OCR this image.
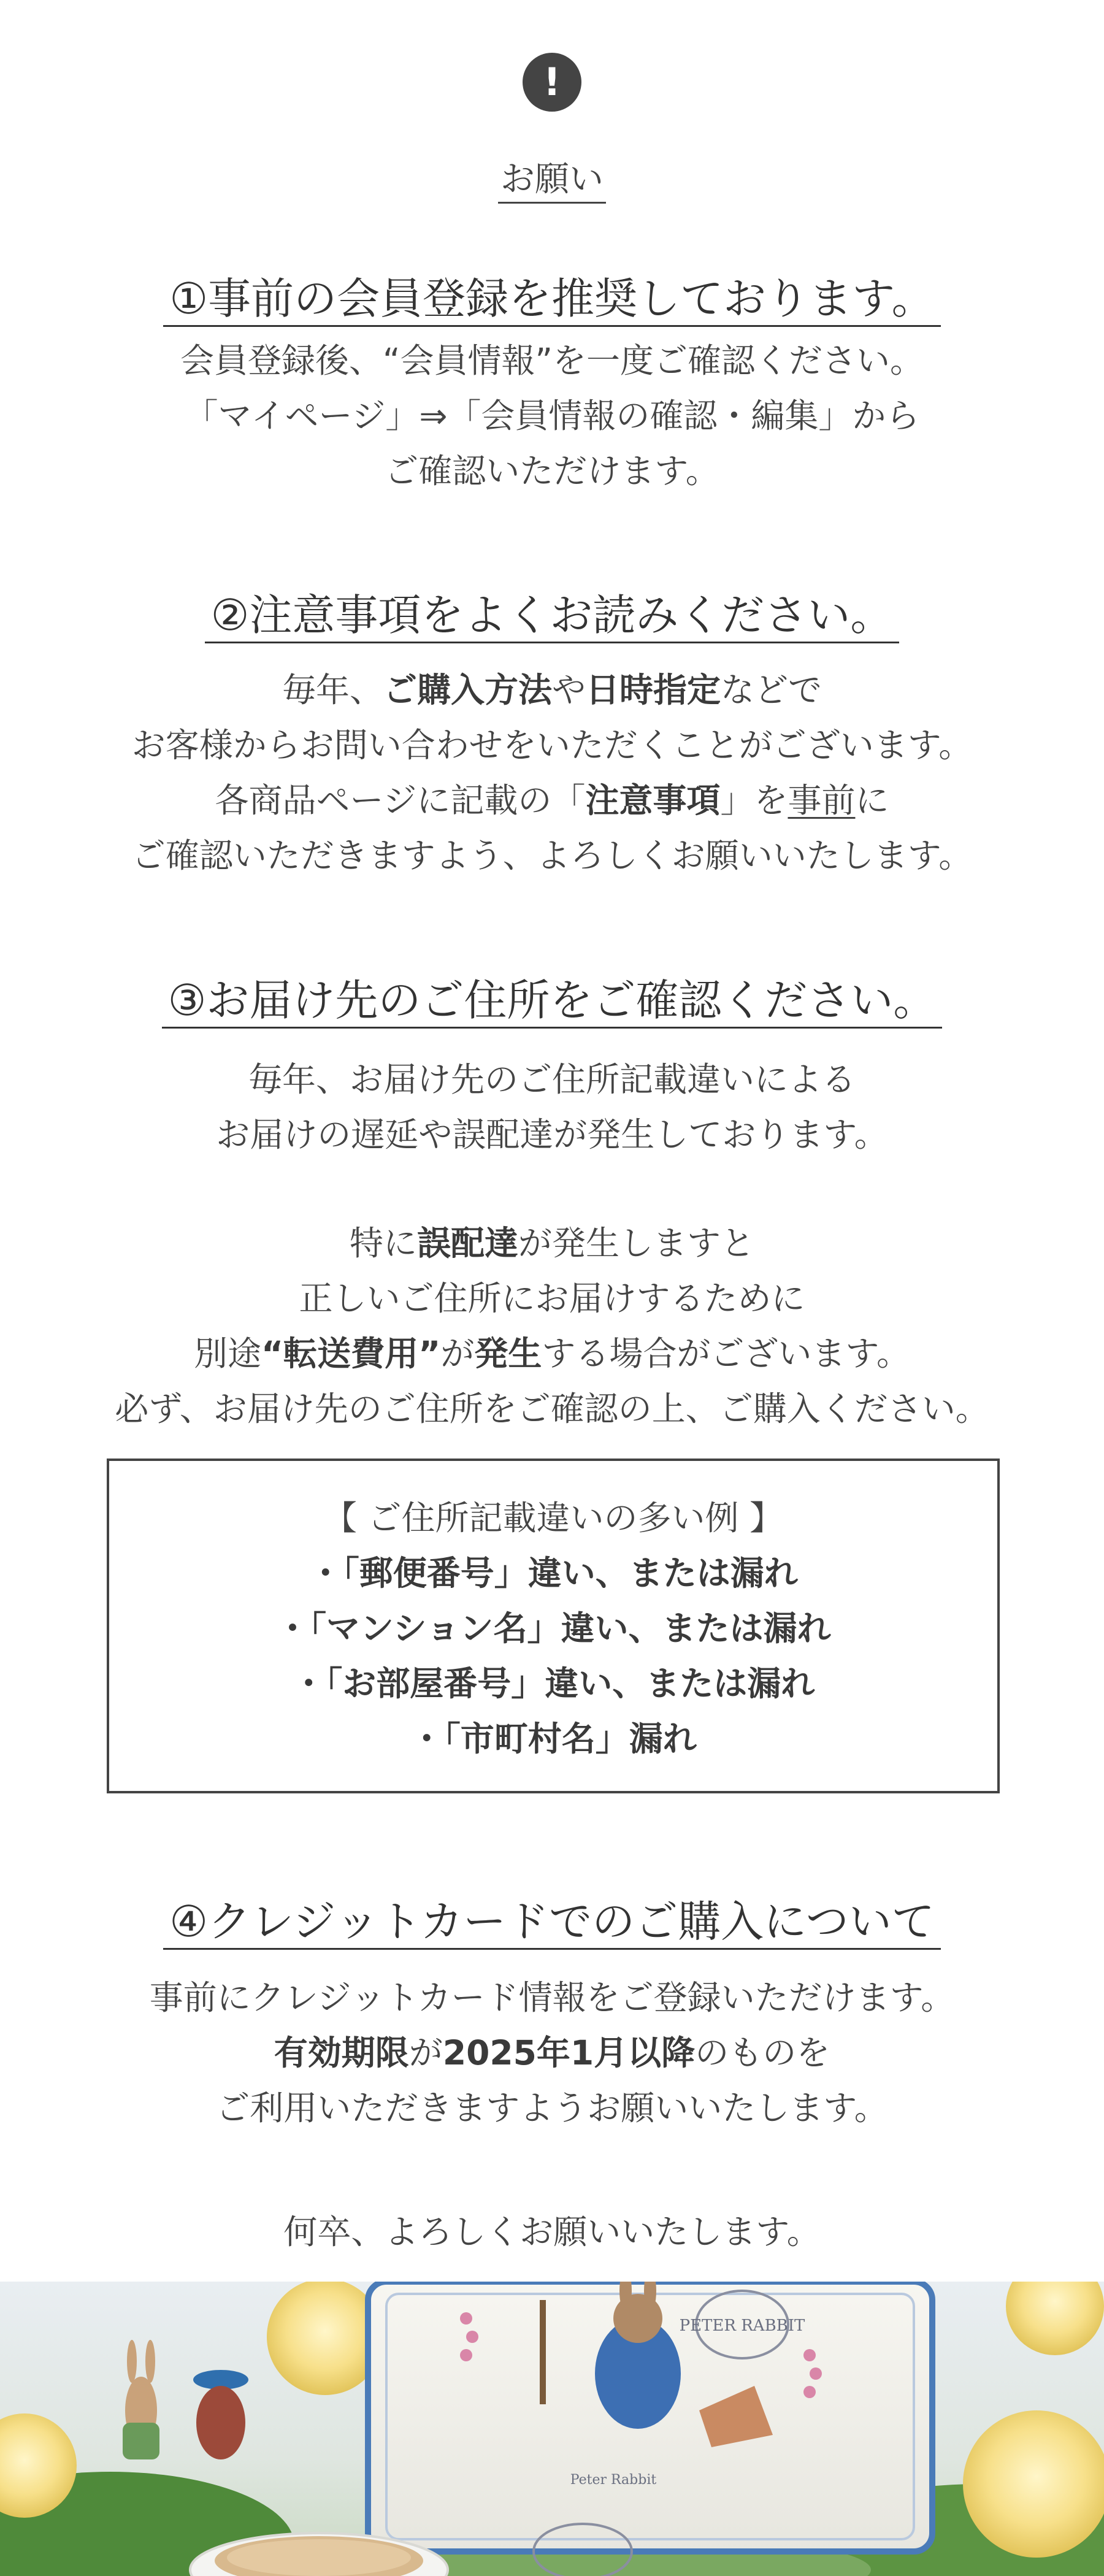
!
お願い
①事前の会員登録を推奨しております。
会員登録後、“会員情報”を一度ご確認ください。
「マイページ」⇒「会員情報の確認・編集」から
ご確認いただけます。
②注意事項をよくお読みください。
毎年、ご購入方法や日時指定などで
お客様からお問い合わせをいただくことがございます。
各商品ページに記載の「注意事項」を事前に
ご確認いただきますよう、よろしくお願いいたします。
③お届け先のご住所をご確認ください。
毎年、お届け先のご住所記載違いによる
お届けの遅延や誤配達が発生しております。
特に誤配達が発生しますと
正しいご住所にお届けするために
別途“転送費用”が発生する場合がございます。
必ず、お届け先のご住所をご確認の上、ご購入ください。
【 ご住所記載違いの多い例 】
・「郵便番号」違い、または漏れ
・「マンション名」違い、または漏れ
・「お部屋番号」違い、または漏れ
・「市町村名」漏れ
④クレジットカードでのご購入について
事前にクレジットカード情報をご登録いただけます。
有効期限が2025年1月以降のものを
ご利用いただきますようお願いいたします。
何卒、よろしくお願いいたします。
PETER RABBIT
Peter Rabbit
